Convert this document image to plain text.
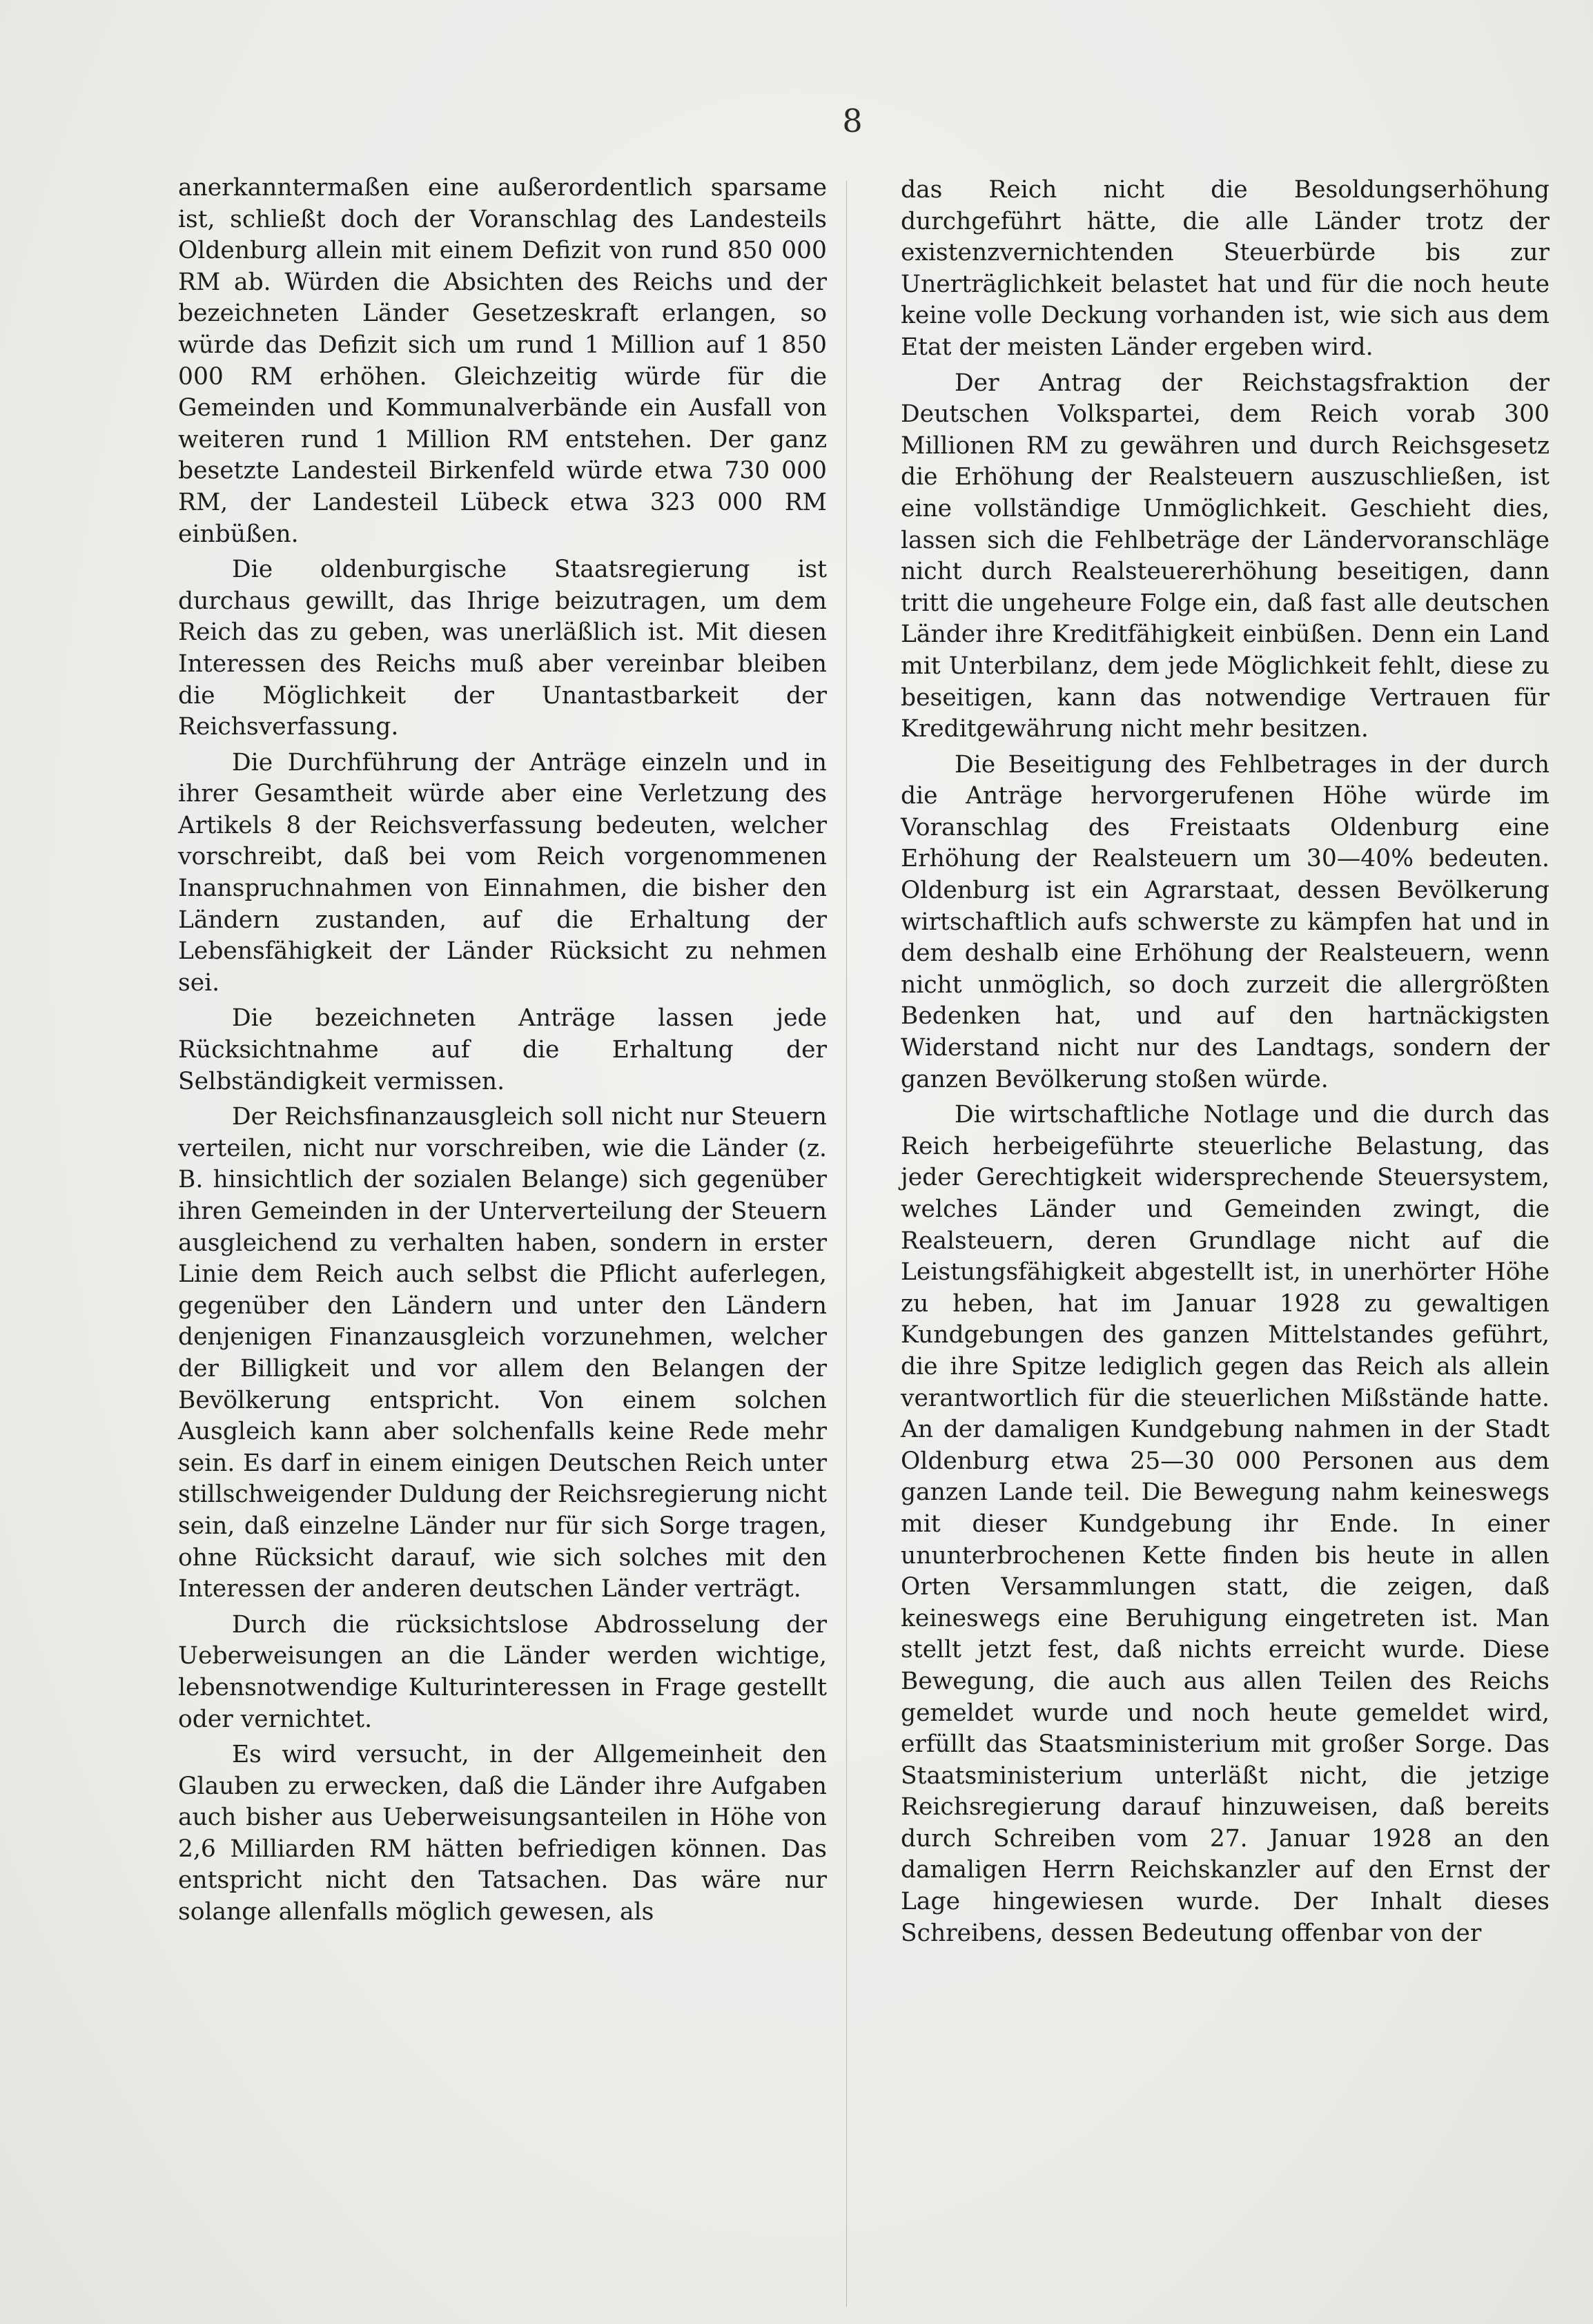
8

anerkanntermaßen eine außerordentlich sparsame ist, schließt doch der Voranschlag des Landesteils Oldenburg allein mit einem Defizit von rund 850 000 RM ab. Würden die Absichten des Reichs und der bezeichneten Länder Gesetzeskraft erlangen, so würde das Defizit sich um rund 1 Million auf 1 850 000 RM erhöhen. Gleichzeitig würde für die Gemeinden und Kommunalverbände ein Ausfall von weiteren rund 1 Million RM entstehen. Der ganz besetzte Landesteil Birkenfeld würde etwa 730 000 RM, der Landesteil Lübeck etwa 323 000 RM einbüßen.

Die oldenburgische Staatsregierung ist durchaus gewillt, das Ihrige beizutragen, um dem Reich das zu geben, was unerläßlich ist. Mit diesen Interessen des Reichs muß aber vereinbar bleiben die Möglichkeit der Unantastbarkeit der Reichsverfassung.

Die Durchführung der Anträge einzeln und in ihrer Gesamtheit würde aber eine Verletzung des Artikels 8 der Reichsverfassung bedeuten, welcher vorschreibt, daß bei vom Reich vorgenommenen Inanspruchnahmen von Einnahmen, die bisher den Ländern zustanden, auf die Erhaltung der Lebensfähigkeit der Länder Rücksicht zu nehmen sei.

Die bezeichneten Anträge lassen jede Rücksichtnahme auf die Erhaltung der Selbständigkeit vermissen.

Der Reichsfinanzausgleich soll nicht nur Steuern verteilen, nicht nur vorschreiben, wie die Länder (z. B. hinsichtlich der sozialen Belange) sich gegenüber ihren Gemeinden in der Unterverteilung der Steuern ausgleichend zu verhalten haben, sondern in erster Linie dem Reich auch selbst die Pflicht auferlegen, gegenüber den Ländern und unter den Ländern denjenigen Finanzausgleich vorzunehmen, welcher der Billigkeit und vor allem den Belangen der Bevölkerung entspricht. Von einem solchen Ausgleich kann aber solchenfalls keine Rede mehr sein. Es darf in einem einigen Deutschen Reich unter stillschweigender Duldung der Reichsregierung nicht sein, daß einzelne Länder nur für sich Sorge tragen, ohne Rücksicht darauf, wie sich solches mit den Interessen der anderen deutschen Länder verträgt.

Durch die rücksichtslose Abdrosselung der Ueberweisungen an die Länder werden wichtige, lebensnotwendige Kulturinteressen in Frage gestellt oder vernichtet.

Es wird versucht, in der Allgemeinheit den Glauben zu erwecken, daß die Länder ihre Aufgaben auch bisher aus Ueberweisungsanteilen in Höhe von 2,6 Milliarden RM hätten befriedigen können. Das entspricht nicht den Tatsachen. Das wäre nur solange allenfalls möglich gewesen, als

das Reich nicht die Besoldungserhöhung durchgeführt hätte, die alle Länder trotz der existenzvernichtenden Steuerbürde bis zur Unerträglichkeit belastet hat und für die noch heute keine volle Deckung vorhanden ist, wie sich aus dem Etat der meisten Länder ergeben wird.

Der Antrag der Reichstagsfraktion der Deutschen Volkspartei, dem Reich vorab 300 Millionen RM zu gewähren und durch Reichsgesetz die Erhöhung der Realsteuern auszuschließen, ist eine vollständige Unmöglichkeit. Geschieht dies, lassen sich die Fehlbeträge der Ländervoranschläge nicht durch Realsteuererhöhung beseitigen, dann tritt die ungeheure Folge ein, daß fast alle deutschen Länder ihre Kreditfähigkeit einbüßen. Denn ein Land mit Unterbilanz, dem jede Möglichkeit fehlt, diese zu beseitigen, kann das notwendige Vertrauen für Kreditgewährung nicht mehr besitzen.

Die Beseitigung des Fehlbetrages in der durch die Anträge hervorgerufenen Höhe würde im Voranschlag des Freistaats Oldenburg eine Erhöhung der Realsteuern um 30—40% bedeuten. Oldenburg ist ein Agrarstaat, dessen Bevölkerung wirtschaftlich aufs schwerste zu kämpfen hat und in dem deshalb eine Erhöhung der Realsteuern, wenn nicht unmöglich, so doch zurzeit die allergrößten Bedenken hat, und auf den hartnäckigsten Widerstand nicht nur des Landtags, sondern der ganzen Bevölkerung stoßen würde.

Die wirtschaftliche Notlage und die durch das Reich herbeigeführte steuerliche Belastung, das jeder Gerechtigkeit widersprechende Steuersystem, welches Länder und Gemeinden zwingt, die Realsteuern, deren Grundlage nicht auf die Leistungsfähigkeit abgestellt ist, in unerhörter Höhe zu heben, hat im Januar 1928 zu gewaltigen Kundgebungen des ganzen Mittelstandes geführt, die ihre Spitze lediglich gegen das Reich als allein verantwortlich für die steuerlichen Mißstände hatte. An der damaligen Kundgebung nahmen in der Stadt Oldenburg etwa 25—30 000 Personen aus dem ganzen Lande teil. Die Bewegung nahm keineswegs mit dieser Kundgebung ihr Ende. In einer ununterbrochenen Kette finden bis heute in allen Orten Versammlungen statt, die zeigen, daß keineswegs eine Beruhigung eingetreten ist. Man stellt jetzt fest, daß nichts erreicht wurde. Diese Bewegung, die auch aus allen Teilen des Reichs gemeldet wurde und noch heute gemeldet wird, erfüllt das Staatsministerium mit großer Sorge. Das Staatsministerium unterläßt nicht, die jetzige Reichsregierung darauf hinzuweisen, daß bereits durch Schreiben vom 27. Januar 1928 an den damaligen Herrn Reichskanzler auf den Ernst der Lage hingewiesen wurde. Der Inhalt dieses Schreibens, dessen Bedeutung offenbar von der
